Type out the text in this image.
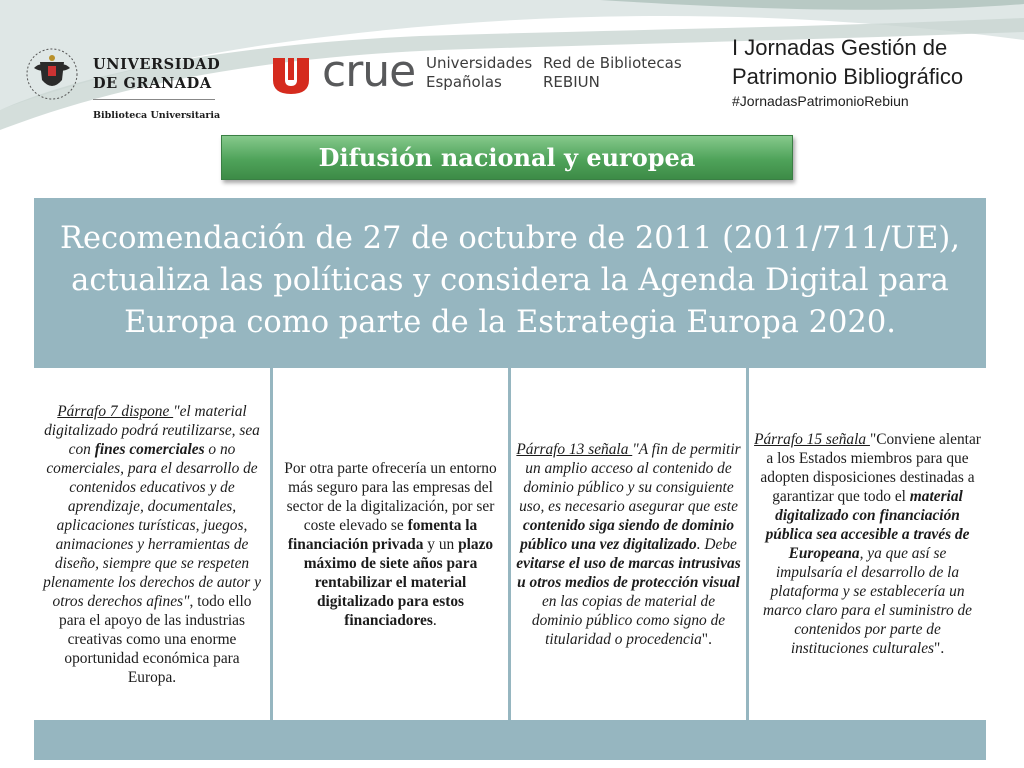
UNIVERSIDAD
DE GRANADA
Biblioteca Universitaria
crue Universidades
Españolas
Red de Bibliotecas
REBIUN
I Jornadas Gestión de
Patrimonio Bibliográfico
#JornadasPatrimonioRebiun
Difusión nacional y europea
Recomendación de 27 de octubre de 2011 (2011/711/UE), actualiza las políticas y considera la Agenda Digital para Europa como parte de la Estrategia Europa 2020.

Párrafo 7 dispone "el material digitalizado podrá reutilizarse, sea con fines comerciales o no comerciales, para el desarrollo de contenidos educativos y de aprendizaje, documentales, aplicaciones turísticas, juegos, animaciones y herramientas de diseño, siempre que se respeten plenamente los derechos de autor y otros derechos afines", todo ello para el apoyo de las industrias creativas como una enorme oportunidad económica para Europa.

Por otra parte ofrecería un entorno más seguro para las empresas del sector de la digitalización, por ser coste elevado se fomenta la financiación privada y un plazo máximo de siete años para rentabilizar el material digitalizado para estos financiadores.

Párrafo 13 señala "A fin de permitir un amplio acceso al contenido de dominio público y su consiguiente uso, es necesario asegurar que este contenido siga siendo de dominio público una vez digitalizado. Debe evitarse el uso de marcas intrusivas u otros medios de protección visual en las copias de material de dominio público como signo de titularidad o procedencia".

Párrafo 15 señala "Conviene alentar a los Estados miembros para que adopten disposiciones destinadas a garantizar que todo el material digitalizado con financiación pública sea accesible a través de Europeana, ya que así se impulsaría el desarrollo de la plataforma y se establecería un marco claro para el suministro de contenidos por parte de instituciones culturales".
